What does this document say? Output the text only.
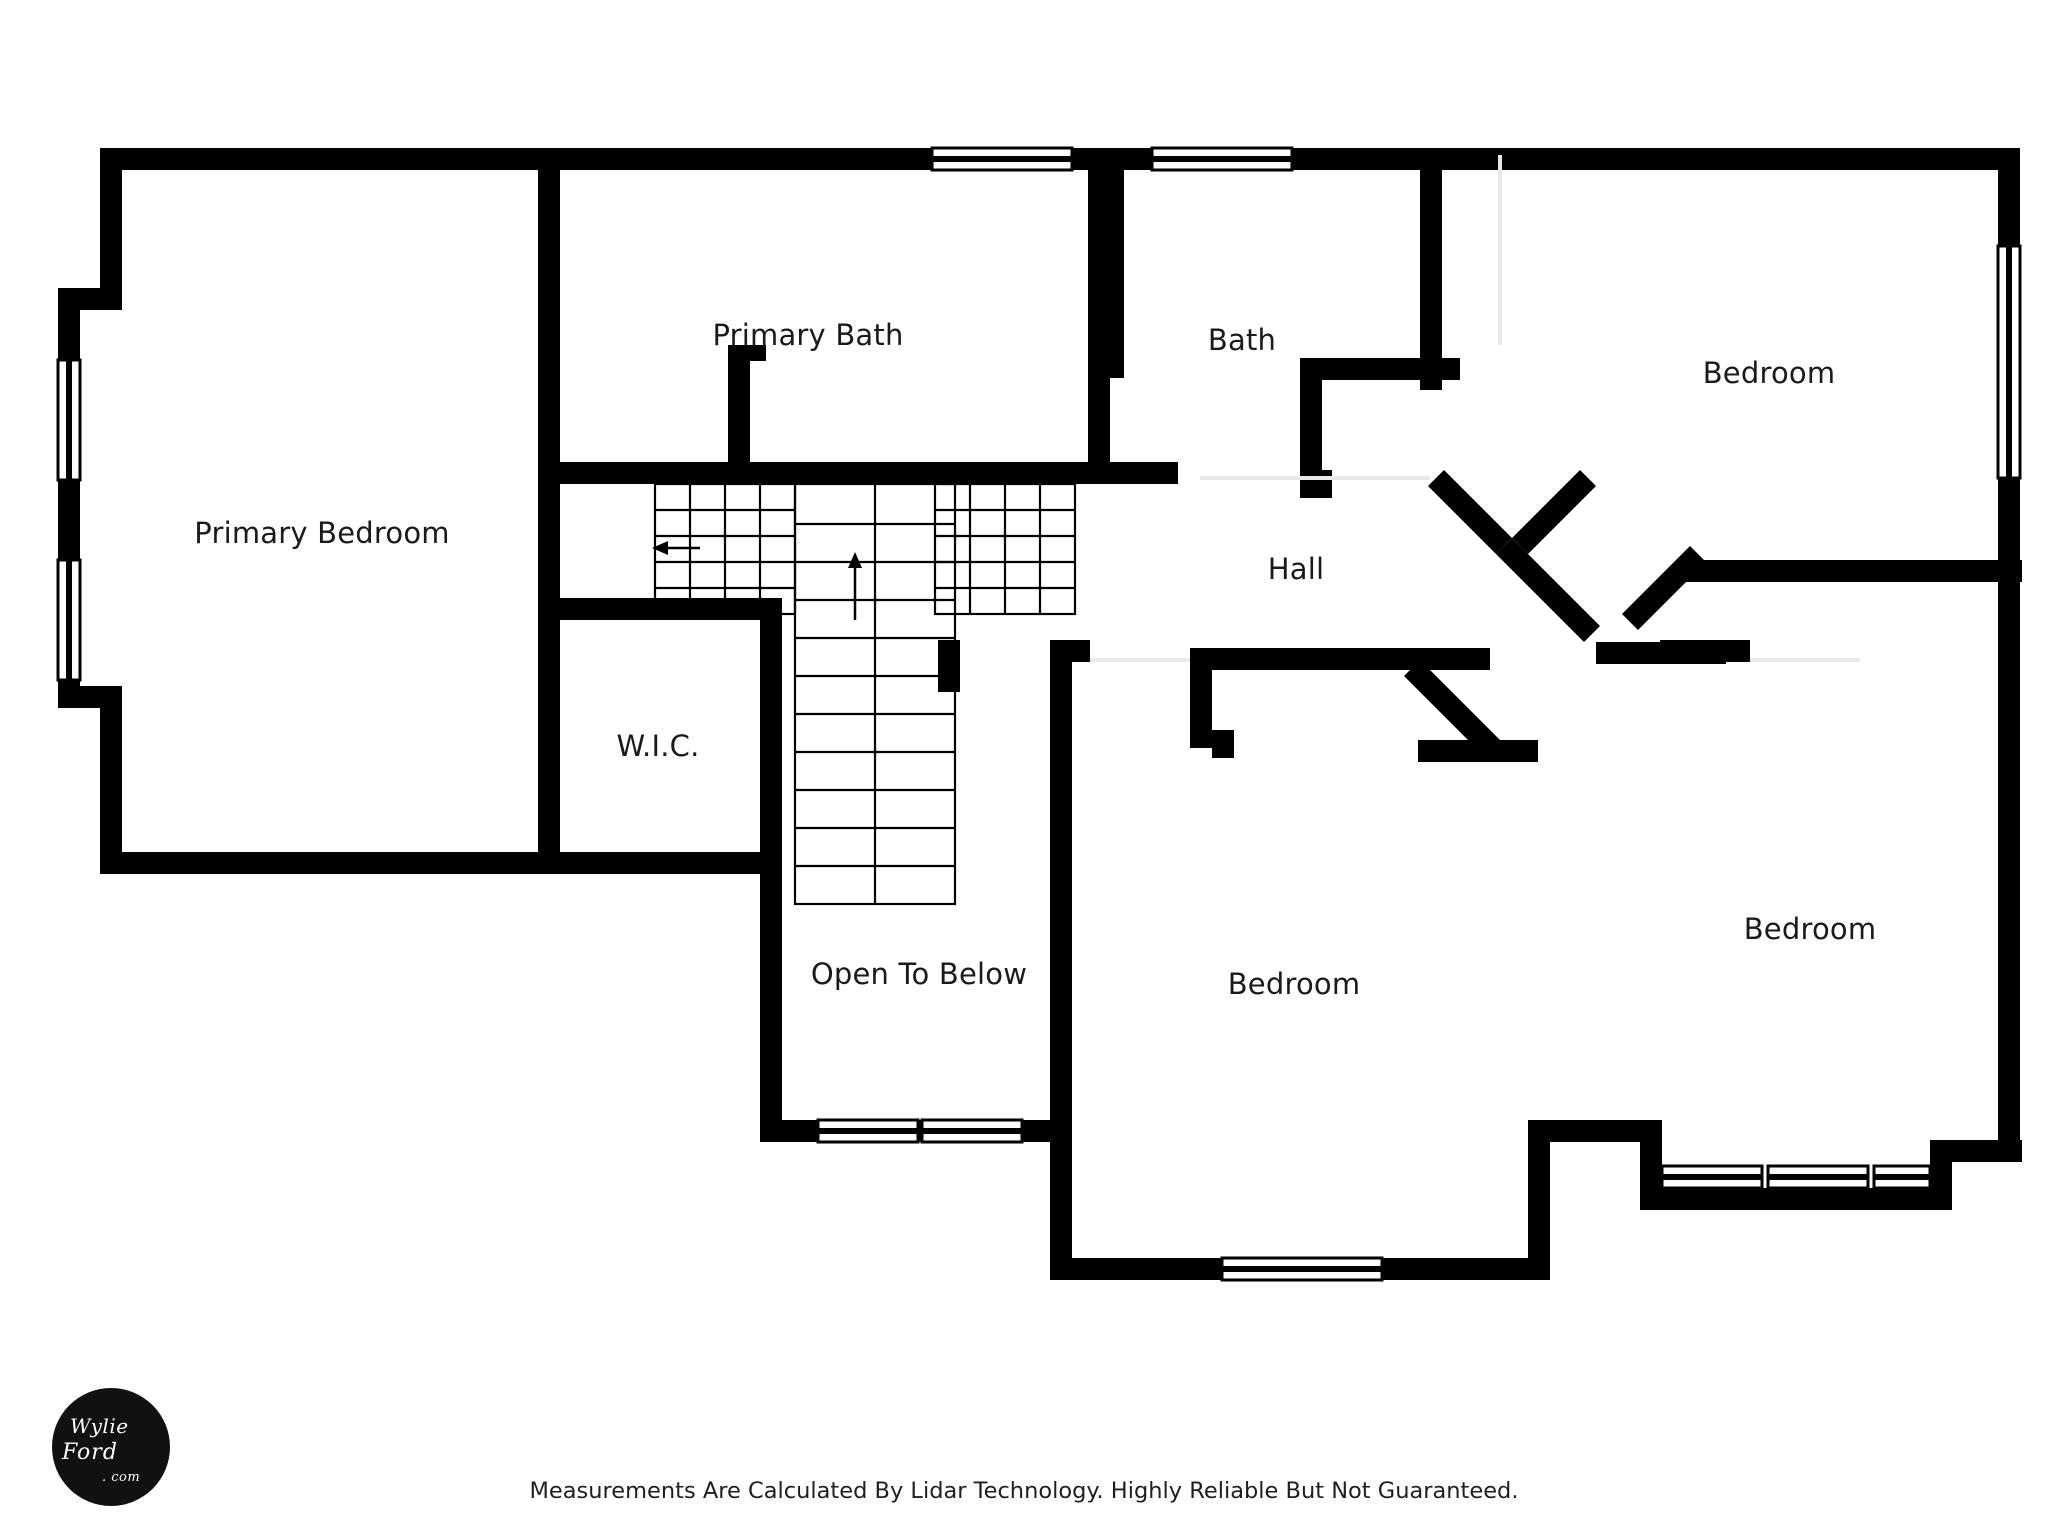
Primary Bedroom
Primary Bath
W.I.C.
Open To Below
Bath
Hall
Bedroom
Bedroom
Bedroom
Measurements Are Calculated By Lidar Technology. Highly Reliable But Not Guaranteed.
Wylie
Ford
. com
